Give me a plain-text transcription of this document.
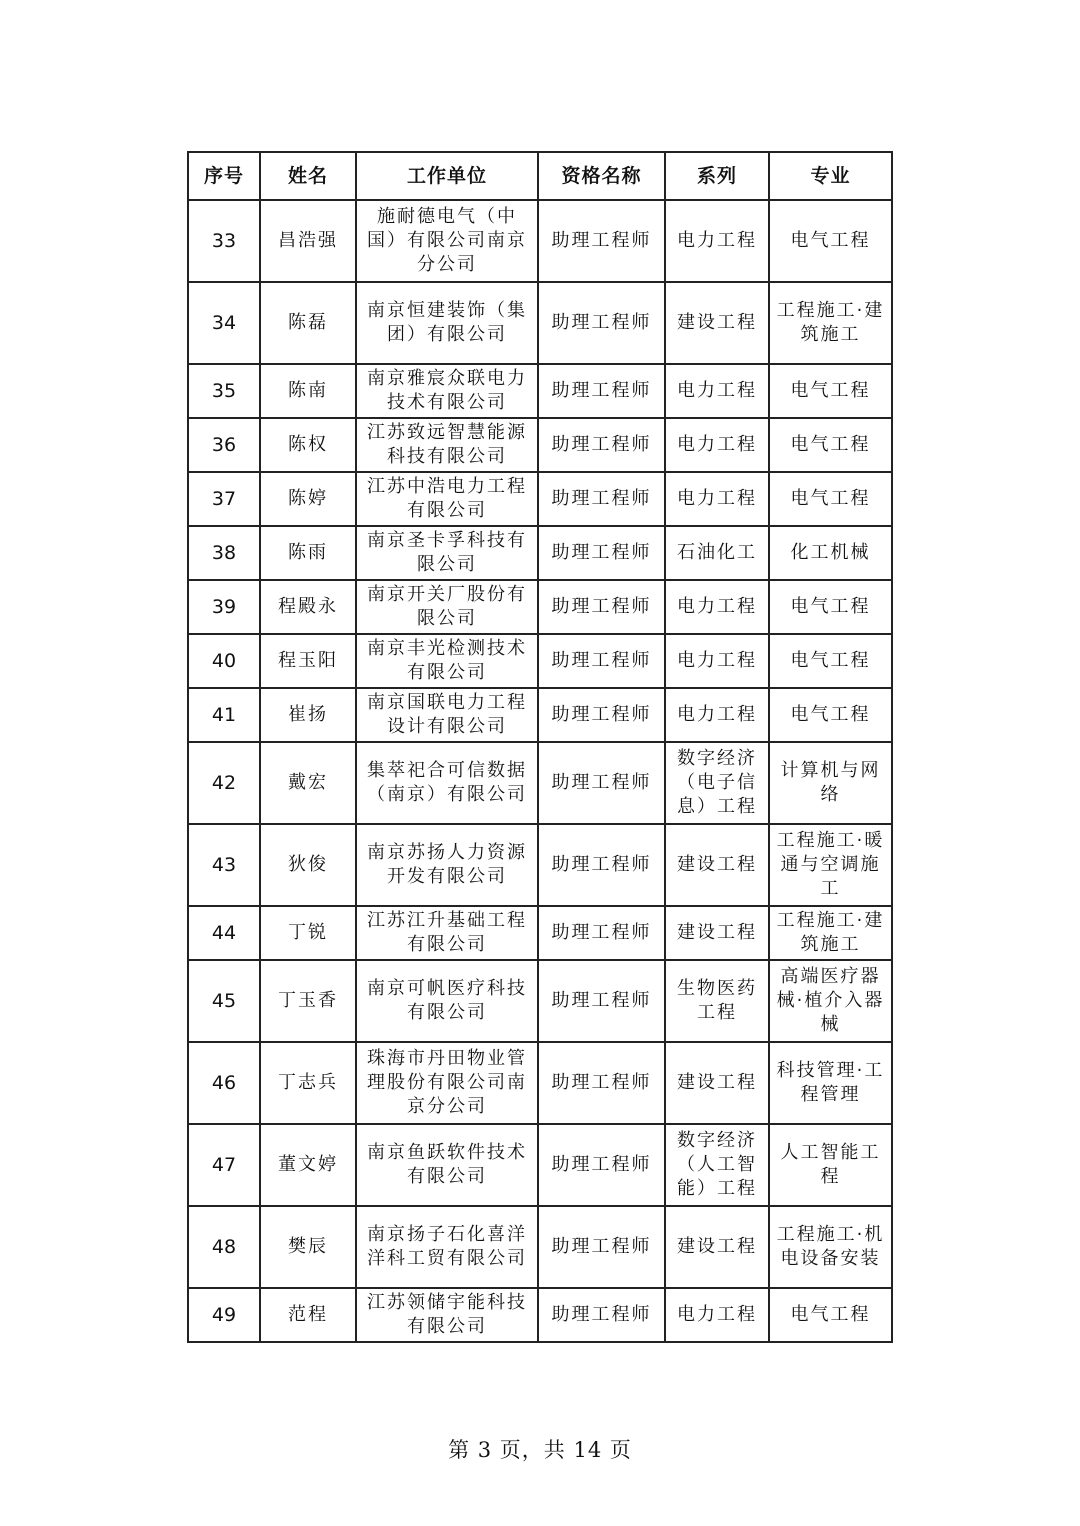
序号	姓名	工作单位	资格名称	系列	专业
33	昌浩强	施耐德电气（中国）有限公司南京分公司	助理工程师	电力工程	电气工程
34	陈磊	南京恒建装饰（集团）有限公司	助理工程师	建设工程	工程施工·建筑施工
35	陈南	南京雅宸众联电力技术有限公司	助理工程师	电力工程	电气工程
36	陈权	江苏致远智慧能源科技有限公司	助理工程师	电力工程	电气工程
37	陈婷	江苏中浩电力工程有限公司	助理工程师	电力工程	电气工程
38	陈雨	南京圣卡孚科技有限公司	助理工程师	石油化工	化工机械
39	程殿永	南京开关厂股份有限公司	助理工程师	电力工程	电气工程
40	程玉阳	南京丰光检测技术有限公司	助理工程师	电力工程	电气工程
41	崔扬	南京国联电力工程设计有限公司	助理工程师	电力工程	电气工程
42	戴宏	集萃祀合可信数据（南京）有限公司	助理工程师	数字经济（电子信息）工程	计算机与网络
43	狄俊	南京苏扬人力资源开发有限公司	助理工程师	建设工程	工程施工·暖通与空调施工
44	丁锐	江苏江升基础工程有限公司	助理工程师	建设工程	工程施工·建筑施工
45	丁玉香	南京可帆医疗科技有限公司	助理工程师	生物医药工程	高端医疗器械·植介入器械
46	丁志兵	珠海市丹田物业管理股份有限公司南京分公司	助理工程师	建设工程	科技管理·工程管理
47	董文婷	南京鱼跃软件技术有限公司	助理工程师	数字经济（人工智能）工程	人工智能工程
48	樊辰	南京扬子石化喜洋洋科工贸有限公司	助理工程师	建设工程	工程施工·机电设备安装
49	范程	江苏领储宇能科技有限公司	助理工程师	电力工程	电气工程
第 3 页，共 14 页
